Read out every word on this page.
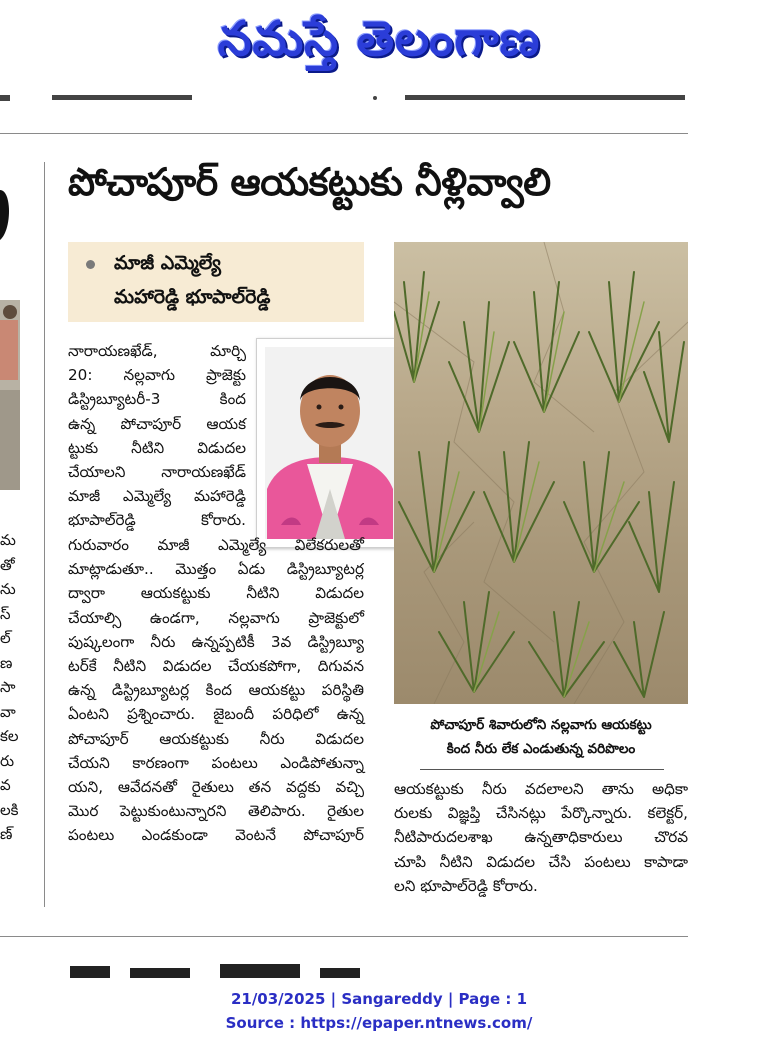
నమస్తే తెలంగాణ
మ
తో
ను
స్
ల్
ణ
సా
వా
కల
రు
వ
లకి
ణ్
పోచాపూర్ ఆయకట్టుకు నీళ్లివ్వాలి
మాజీ ఎమ్మెల్యే
మహారెడ్డి భూపాల్‌రెడ్డి
నారాయణఖేడ్, మార్చి
20: నల్లవాగు ప్రాజెక్టు
డిస్ట్రిబ్యూటరీ-3 కింద
ఉన్న పోచాపూర్ ఆయక
ట్టుకు నీటిని విడుదల
చేయాలని నారాయణఖేడ్
మాజీ ఎమ్మెల్యే మహారెడ్డి
భూపాల్‌రెడ్డి కోరారు.
గురువారం మాజీ ఎమ్మెల్యే విలేకరులతో
మాట్లాడుతూ.. మొత్తం ఏడు డిస్ట్రిబ్యూటర్ల
ద్వారా ఆయకట్టుకు నీటిని విడుదల
చేయాల్సి ఉండగా, నల్లవాగు ప్రాజెక్టులో
పుష్కలంగా నీరు ఉన్నప్పటికీ 3వ డిస్ట్రిబ్యూ
టర్‌కే నీటిని విడుదల చేయకపోగా, దిగువన
ఉన్న డిస్ట్రిబ్యూటర్ల కింద ఆయకట్టు పరిస్థితి
ఏంటని ప్రశ్నించారు. జైబందీ పరిధిలో ఉన్న
పోచాపూర్ ఆయకట్టుకు నీరు విడుదల
చేయని కారణంగా పంటలు ఎండిపోతున్నా
యని, ఆవేదనతో రైతులు తన వద్దకు వచ్చి
మొర పెట్టుకుంటున్నారని తెలిపారు. రైతుల
పంటలు ఎండకుండా వెంటనే పోచాపూర్
పోచాపూర్ శివారులోని నల్లవాగు ఆయకట్టు
కింద నీరు లేక ఎండుతున్న వరిపొలం
ఆయకట్టుకు నీరు వదలాలని తాను అధికా
రులకు విజ్ఞప్తి చేసినట్లు పేర్కొన్నారు. కలెక్టర్,
నీటిపారుదలశాఖ ఉన్నతాధికారులు చొరవ
చూపి నీటిని విడుదల చేసి పంటలు కాపాడా
లని భూపాల్‌రెడ్డి కోరారు.
21/03/2025 | Sangareddy | Page : 1
Source : https://epaper.ntnews.com/
